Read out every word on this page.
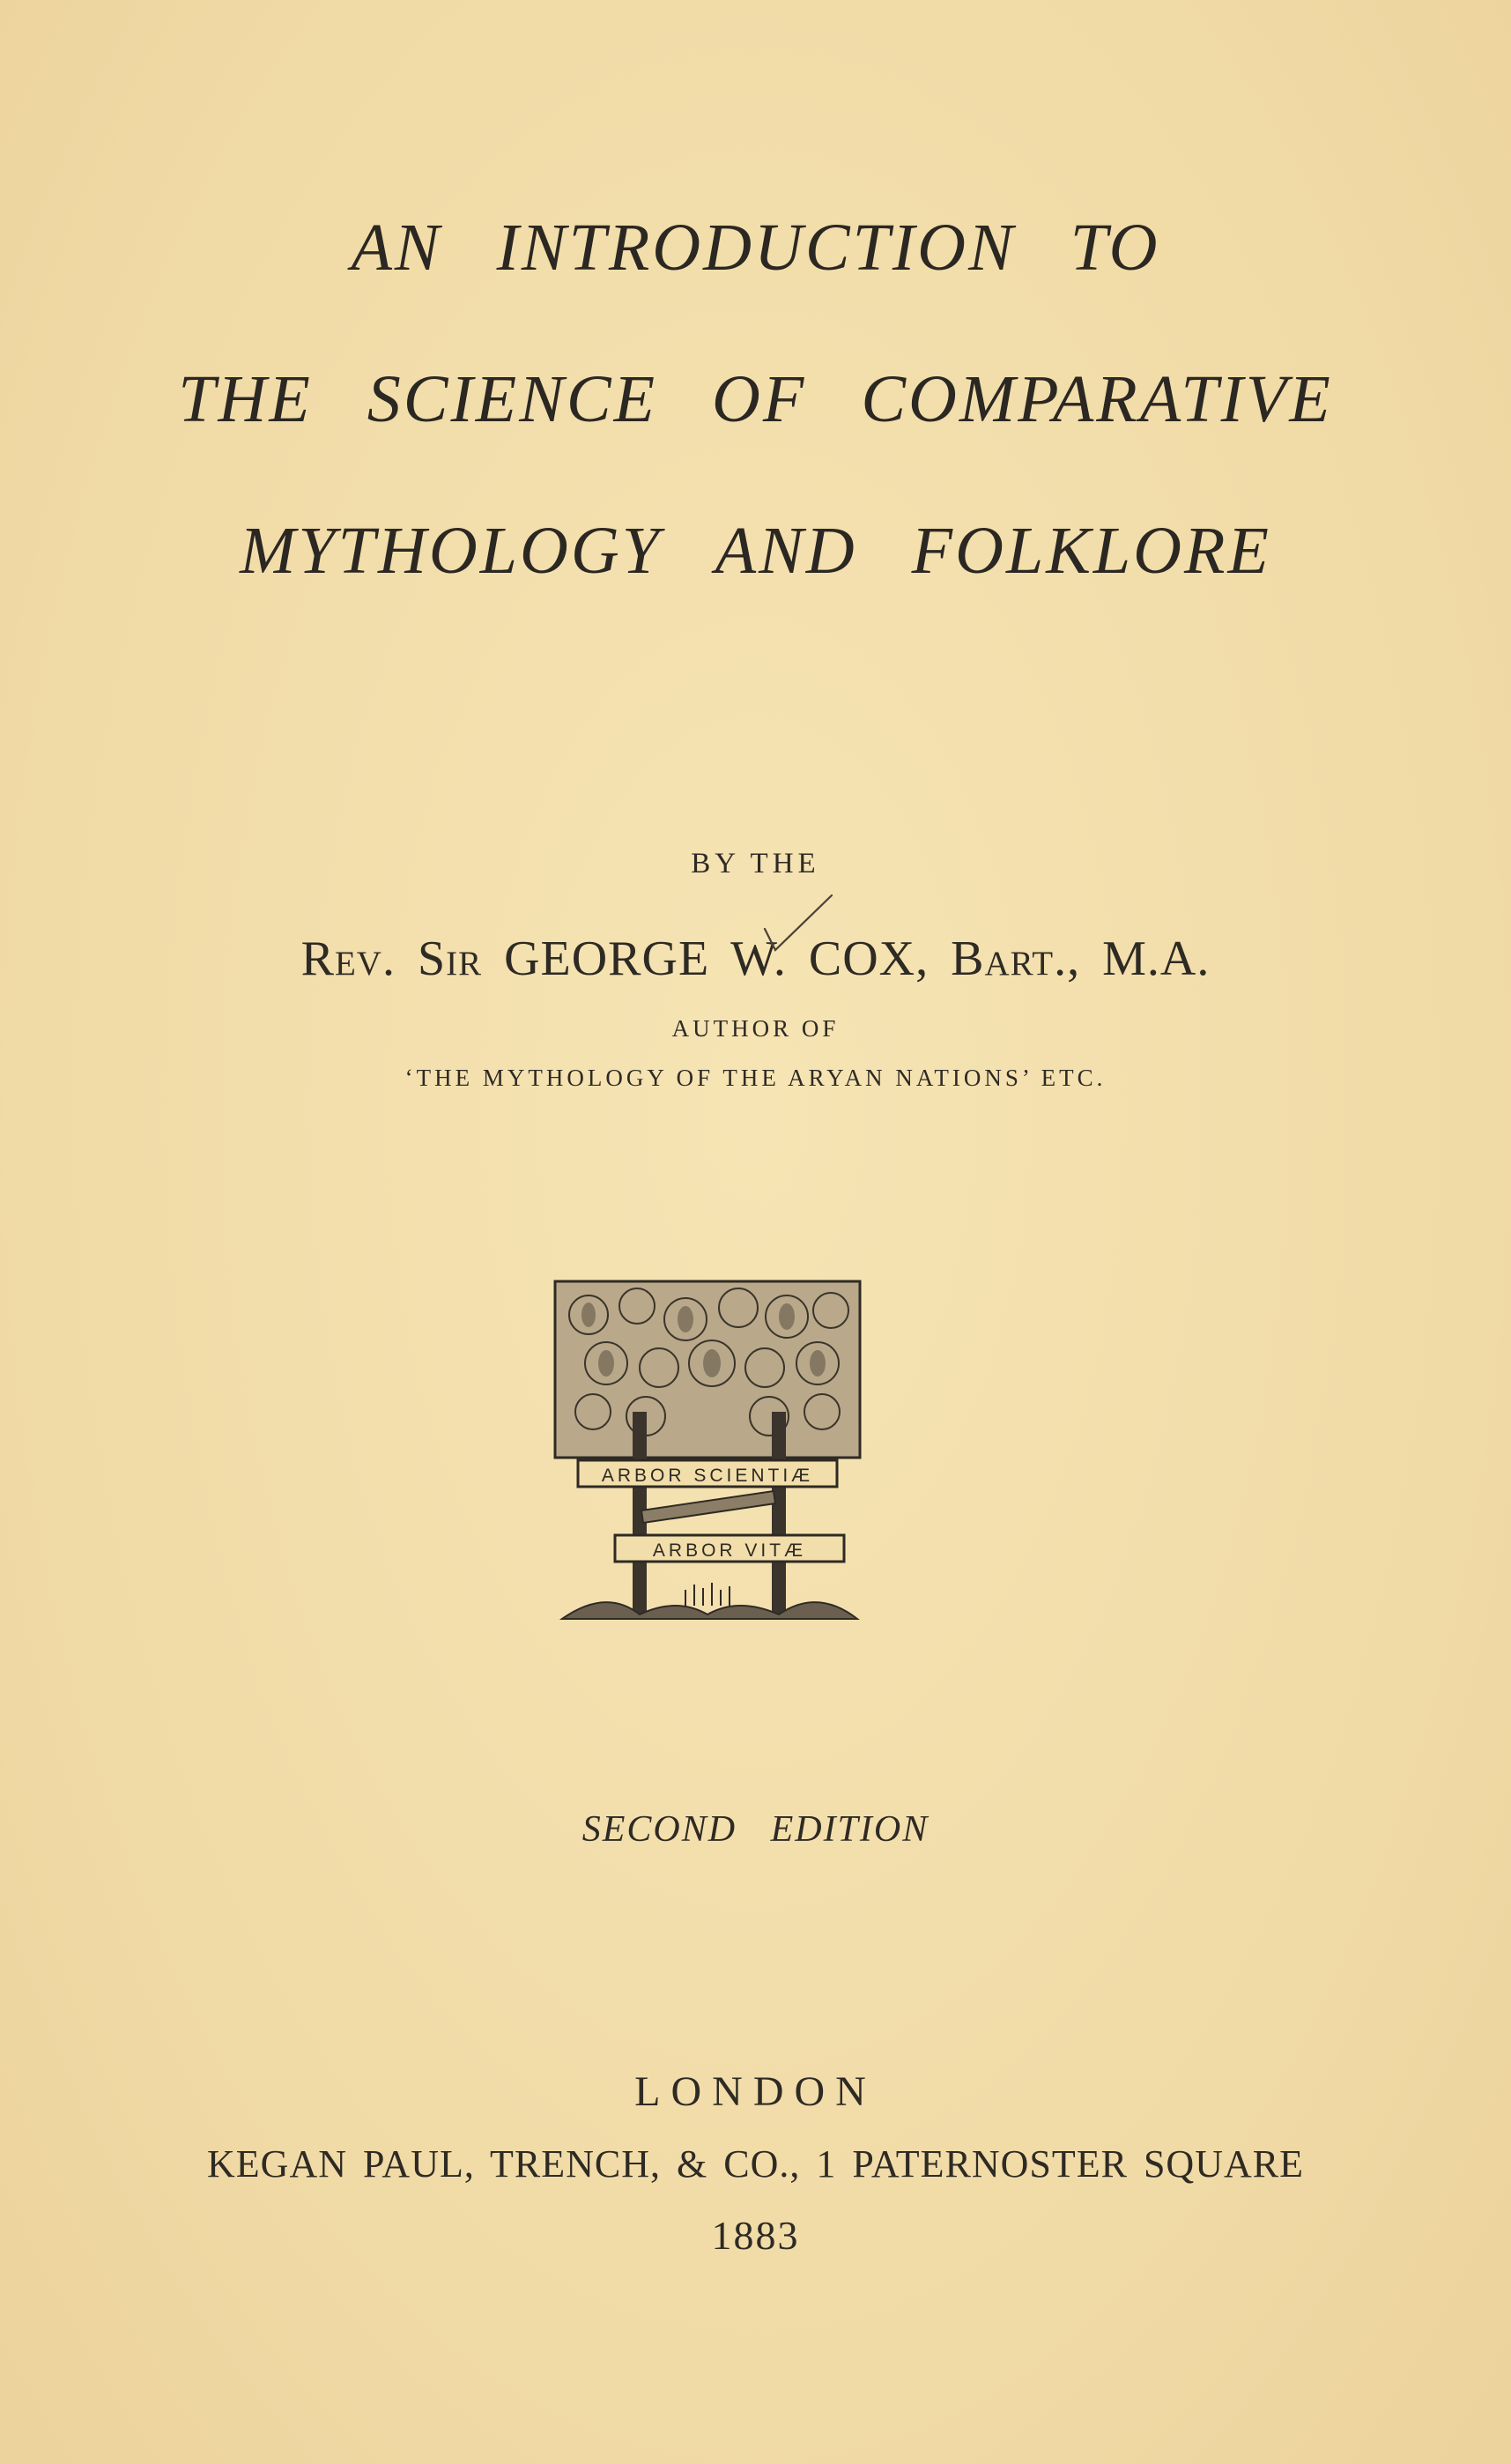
AN INTRODUCTION TO
THE SCIENCE OF COMPARATIVE
MYTHOLOGY AND FOLKLORE
BY THE
Rev. Sir GEORGE W. COX, Bart., M.A.
AUTHOR OF
‘THE MYTHOLOGY OF THE ARYAN NATIONS’ ETC.
ARBOR SCIENTIÆ
ARBOR VITÆ
SECOND EDITION
LONDON
KEGAN PAUL, TRENCH, & CO., 1 PATERNOSTER SQUARE
1883
